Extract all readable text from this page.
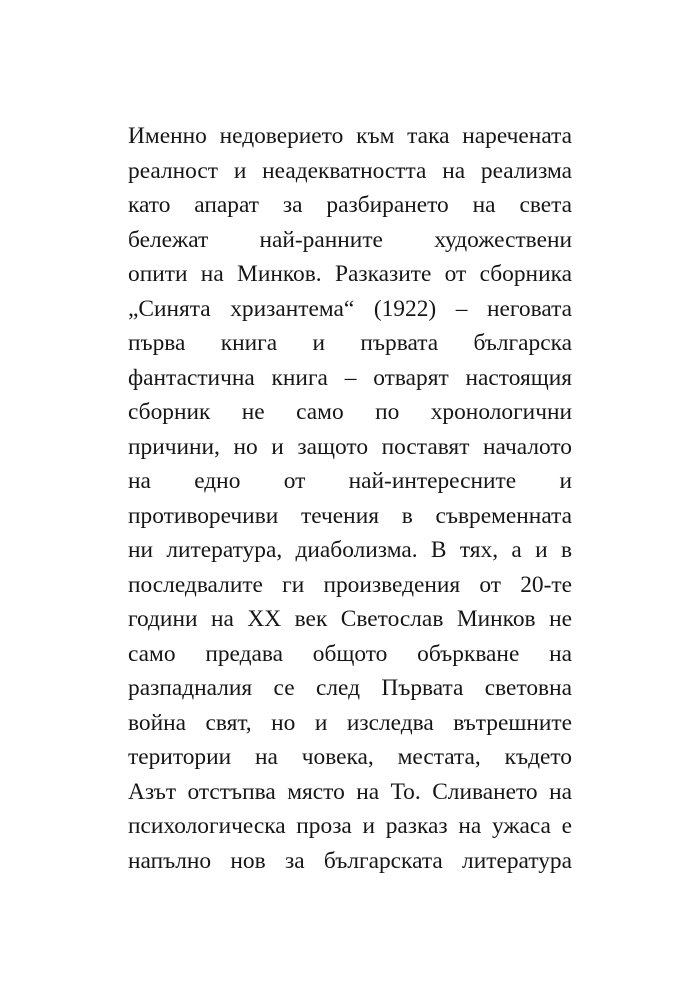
Именно недоверието към така наречената
реалност и неадекватността на реализма
като апарат за разбирането на света
бележат най-ранните художествени
опити на Минков. Разказите от сборника
„Синята хризантема“ (1922) – неговата
първа книга и първата българска
фантастична книга – отварят настоящия
сборник не само по хронологични
причини, но и защото поставят началото
на едно от най-интересните и
противоречиви течения в съвременната
ни литература, диаболизма. В тях, а и в
последвалите ги произведения от 20-те
години на XX век Светослав Минков не
само предава общото объркване на
разпадналия се след Първата световна
война свят, но и изследва вътрешните
територии на човека, местата, където
Азът отстъпва място на То. Сливането на
психологическа проза и разказ на ужаса е
напълно нов за българската литература
